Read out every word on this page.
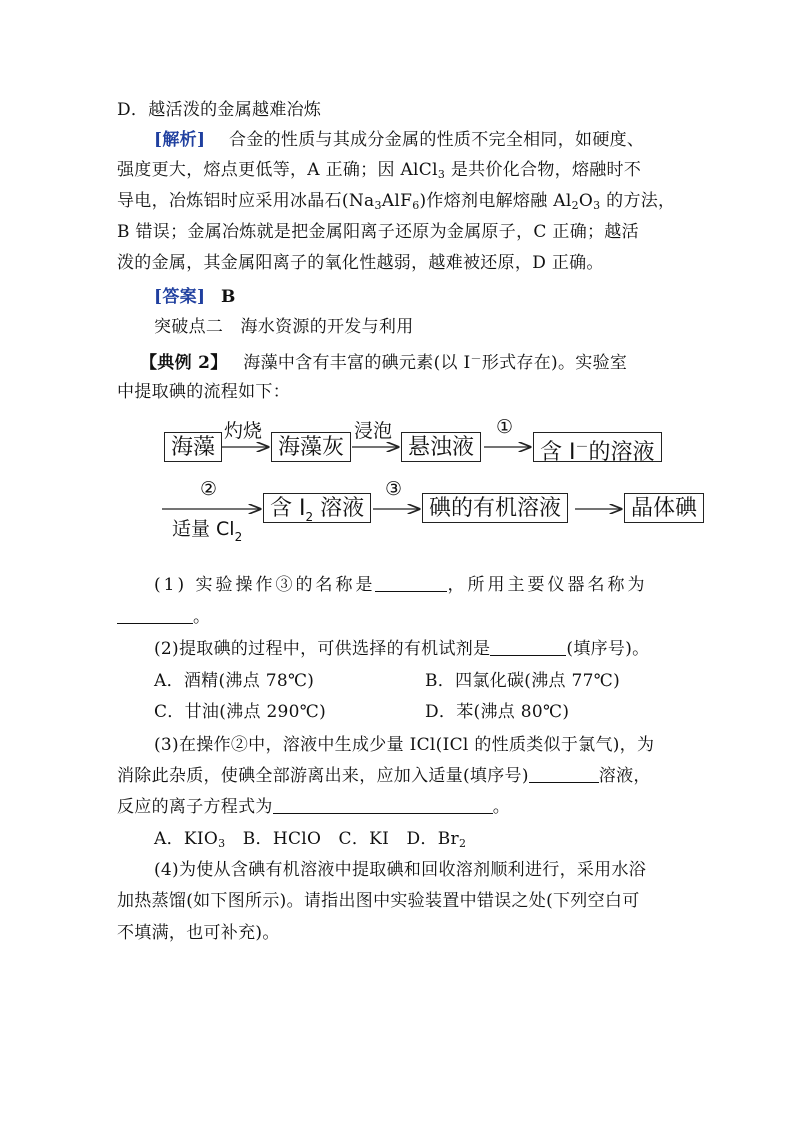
D．越活泼的金属越难冶炼
[解析] 合金的性质与其成分金属的性质不完全相同，如硬度、
强度更大，熔点更低等，A 正确；因 AlCl$_3$ 是共价化合物，熔融时不
导电，冶炼铝时应采用冰晶石$(Na_3AlF_6)$作熔剂电解熔融 $Al_2O_3$ 的方法，
B 错误；金属冶炼就是把金属阳离子还原为金属原子，C 正确；越活
泼的金属，其金属阳离子的氧化性越弱，越难被还原，D 正确。
[答案] B
突破点二　海水资源的开发与利用
【典例 2】 海藻中含有丰富的碘元素(以 I－形式存在)。实验室
中提取碘的流程如下：
海藻
灼烧
海藻灰
浸泡
悬浊液
①
含 I－的溶液
②
适量 $Cl_2$
含 $I_2$ 溶液
③
碘的有机溶液	晶体碘
(1) 实验操作③的名称是	，所用主要仪器名称为
。
(2)提取碘的过程中，可供选择的有机试剂是	(填序号)。
A．酒精(沸点 78℃)	B．四氯化碳(沸点 77℃)
C．甘油(沸点 290℃)	D．苯(沸点 80℃)
(3)在操作②中，溶液中生成少量 ICl(ICl 的性质类似于氯气)，为
消除此杂质，使碘全部游离出来，应加入适量(填序号)	溶液，
反应的离子方程式为	。
A．$KIO_3$　B．HClO　C．KI　D．$Br_2$
(4)为使从含碘有机溶液中提取碘和回收溶剂顺利进行，采用水浴
加热蒸馏(如下图所示)。请指出图中实验装置中错误之处(下列空白可
不填满，也可补充)。
